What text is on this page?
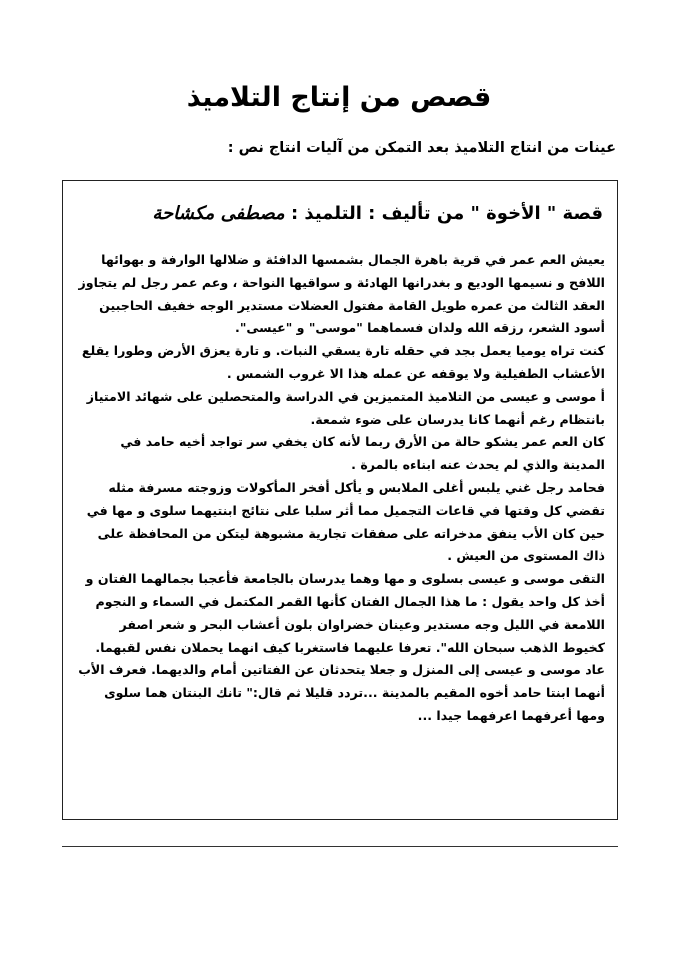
قصص من إنتاج التلاميذ
عينات من انتاج التلاميذ بعد التمكن من آليات انتاج نص :
قصة " الأخوة " من تأليف : التلميذ : مصطفى مكشاحة

يعيش العم عمر في قرية باهرة الجمال بشمسها الدافئة و ضلالها الوارفة و بهوائها اللافح و نسيمها الوديع و بغدرانها الهادئة و سواقيها النواحة ، وعم عمر رجل لم يتجاوز العقد الثالث من عمره طويل القامة مفتول العضلات مستدير الوجه خفيف الحاجبين أسود الشعر، رزقه الله ولدان فسماهما "موسى" و "عيسى".

كنت تراه يوميا يعمل بجد في حقله تارة يسقي النبات. و تارة يعزق الأرض وطورا يقلع الأعشاب الطفيلية ولا يوقفه عن عمله هذا الا غروب الشمس .

أ موسى و عيسى من التلاميذ المتميزين في الدراسة والمتحصلين على شهائد الامتياز بانتظام رغم أنهما كانا يدرسان على ضوء شمعة.

كان العم عمر يشكو حالة من الأرق ربما لأنه كان يخفي سر تواجد أخيه حامد في المدينة والذي لم يحدث عنه ابناءه بالمرة .

فحامد رجل غني يلبس أغلى الملابس و يأكل أفخر المأكولات وزوجته مسرفة مثله تقضي كل وقتها في قاعات التجميل مما أثر سلبا على نتائج ابنتيهما سلوى و مها في حين كان الأب ينفق مدخراته على صفقات تجارية مشبوهة ليتكن من المحافظة على ذاك المستوى من العيش .

التقى موسى و عيسى بسلوى و مها وهما يدرسان بالجامعة فأعجبا بجمالهما الفتان و أخذ كل واحد يقول : ما هذا الجمال الفتان كأنها القمر المكتمل في السماء و النجوم اللامعة في الليل وجه مستدير وعينان خضراوان بلون أعشاب البحر و شعر اصفر كخيوط الذهب سبحان الله". تعرفا عليهما فاستغربا كيف انهما يحملان نفس لقبهما.

عاد موسى و عيسى إلى المنزل و جعلا يتحدثان عن الفتاتين أمام والديهما. فعرف الأب أنهما ابنتا حامد أخوه المقيم بالمدينة ...تردد قليلا ثم قال:" تانك البنتان هما سلوى ومها أعرفهما اعرفهما جيدا ...
